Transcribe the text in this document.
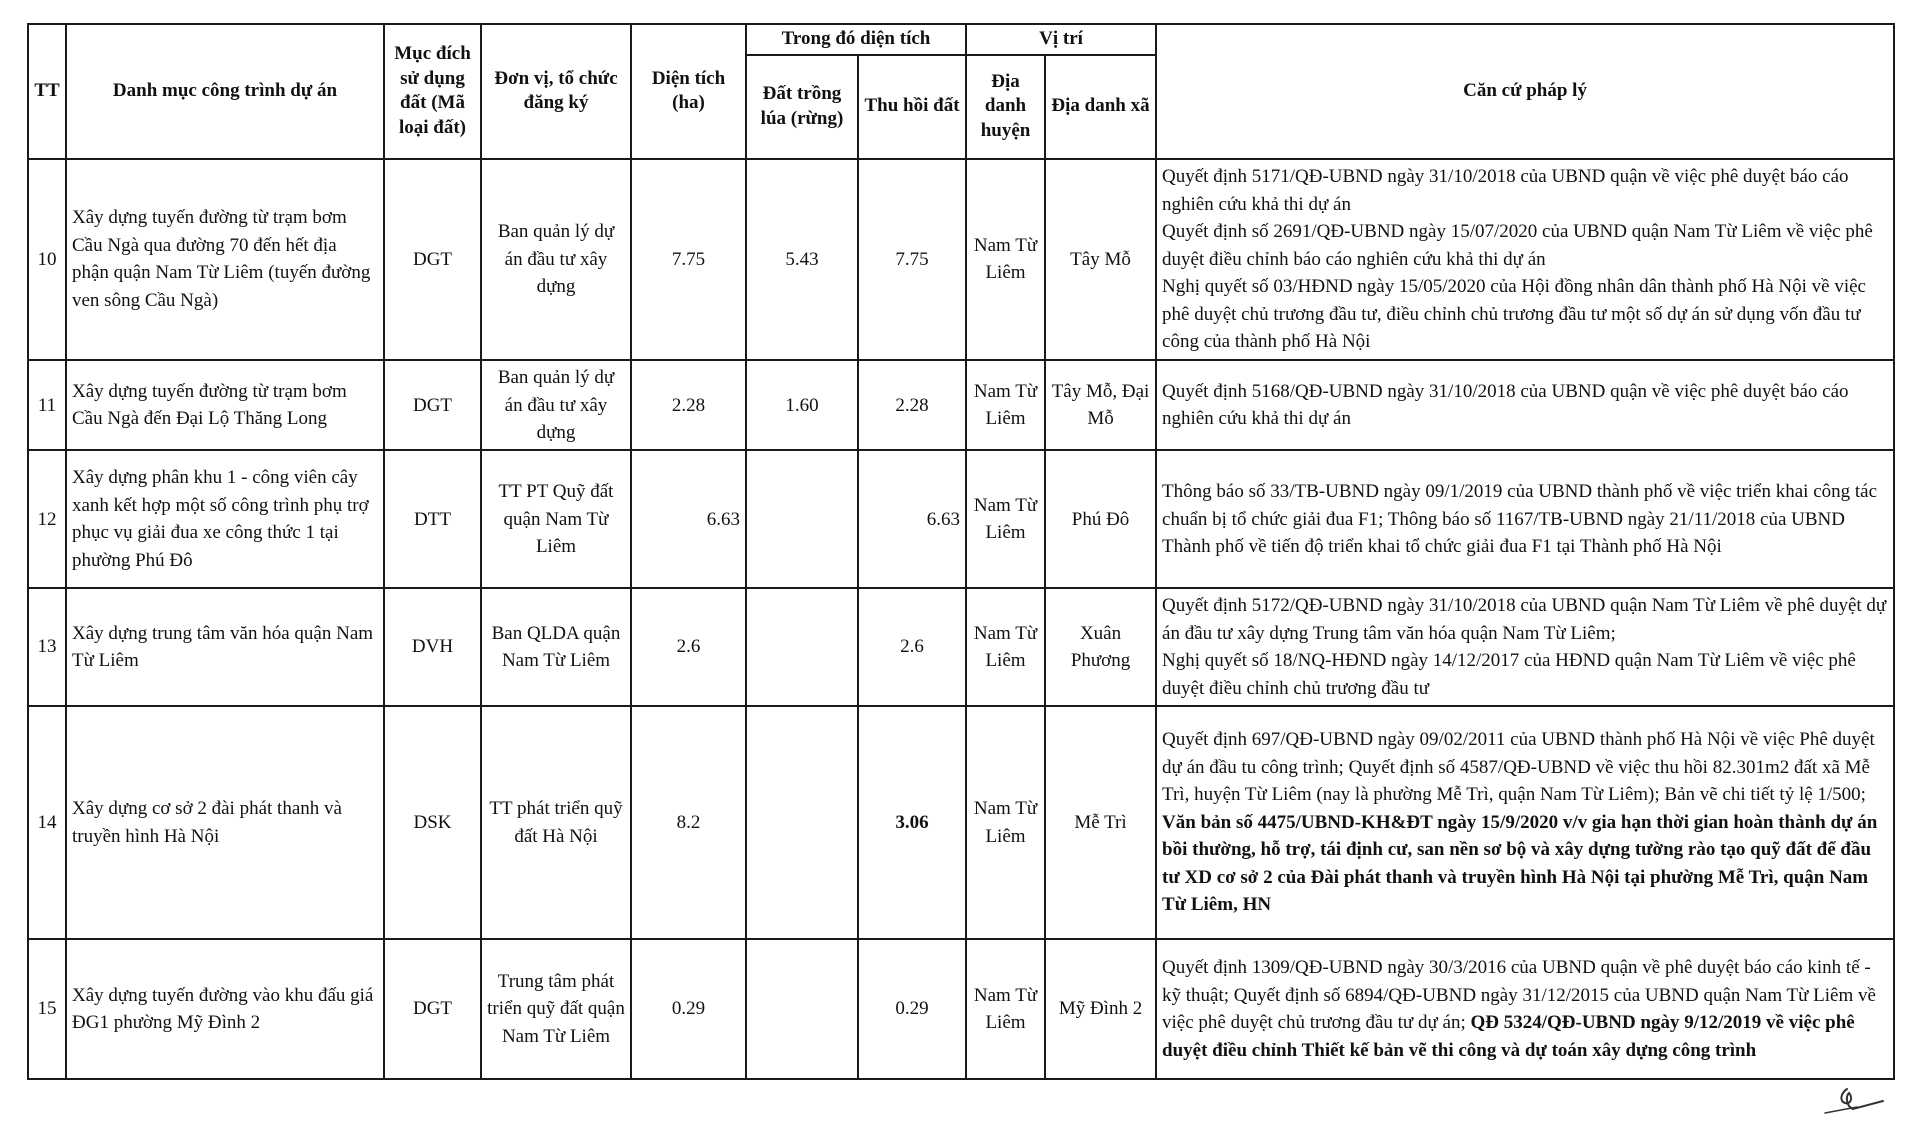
TT	Danh mục công trình dự án	Mục đích sử dụng đất (Mã loại đất)	Đơn vị, tổ chức đăng ký	Diện tích (ha)	Trong đó diện tích		Vị trí		Căn cứ pháp lý
					Đất trồng lúa (rừng)	Thu hồi đất	Địa danh huyện	Địa danh xã	
10	Xây dựng tuyến đường từ trạm bơm Cầu Ngà qua đường 70 đến hết địa phận quận Nam Từ Liêm (tuyến đường ven sông Cầu Ngà)	DGT	Ban quản lý dự án đầu tư xây dựng	7.75	5.43	7.75	Nam Từ Liêm	Tây Mỗ	Quyết định 5171/QĐ-UBND ngày 31/10/2018 của UBND quận về việc phê duyệt báo cáo nghiên cứu khả thi dự án
Quyết định số 2691/QĐ-UBND ngày 15/07/2020 của UBND quận Nam Từ Liêm về việc phê duyệt điều chỉnh báo cáo nghiên cứu khả thi dự án
Nghị quyết số 03/HĐND ngày 15/05/2020 của Hội đồng nhân dân thành phố Hà Nội về việc phê duyệt chủ trương đầu tư, điều chỉnh chủ trương đầu tư một số dự án sử dụng vốn đầu tư công của thành phố Hà Nội

11	Xây dựng tuyến đường từ trạm bơm Cầu Ngà đến Đại Lộ Thăng Long	DGT	Ban quản lý dự án đầu tư xây dựng	2.28	1.60	2.28	Nam Từ Liêm	Tây Mỗ, Đại Mỗ	Quyết định 5168/QĐ-UBND ngày 31/10/2018 của UBND quận về việc phê duyệt báo cáo nghiên cứu khả thi dự án

12	Xây dựng phân khu 1 - công viên cây xanh kết hợp một số công trình phụ trợ phục vụ giải đua xe công thức 1 tại phường Phú Đô	DTT	TT PT Quỹ đất quận Nam Từ Liêm	6.63		6.63	Nam Từ Liêm	Phú Đô	Thông báo số 33/TB-UBND ngày 09/1/2019 của UBND thành phố về việc triển khai công tác chuẩn bị tổ chức giải đua F1; Thông báo số 1167/TB-UBND ngày 21/11/2018 của UBND Thành phố về tiến độ triển khai tổ chức giải đua F1 tại Thành phố Hà Nội

13	Xây dựng trung tâm văn hóa quận Nam Từ Liêm	DVH	Ban QLDA quận Nam Từ Liêm	2.6		2.6	Nam Từ Liêm	Xuân Phương	Quyết định 5172/QĐ-UBND ngày 31/10/2018 của UBND quận Nam Từ Liêm về phê duyệt dự án đầu tư xây dựng Trung tâm văn hóa quận Nam Từ Liêm;
Nghị quyết số 18/NQ-HĐND ngày 14/12/2017 của HĐND quận Nam Từ Liêm về việc phê duyệt điều chỉnh chủ trương đầu tư

14	Xây dựng cơ sở 2 đài phát thanh và truyền hình Hà Nội	DSK	TT phát triển quỹ đất Hà Nội	8.2		3.06	Nam Từ Liêm	Mễ Trì	Quyết định 697/QĐ-UBND ngày 09/02/2011 của UBND thành phố Hà Nội về việc Phê duyệt dự án đầu tu công trình; Quyết định số 4587/QĐ-UBND về việc thu hồi 82.301m2 đất xã Mễ Trì, huyện Từ Liêm (nay là phường Mễ Trì, quận Nam Từ Liêm); Bản vẽ chi tiết tỷ lệ 1/500; Văn bản số 4475/UBND-KH&ĐT ngày 15/9/2020 v/v gia hạn thời gian hoàn thành dự án bồi thường, hỗ trợ, tái định cư, san nền sơ bộ và xây dựng tường rào tạo quỹ đất để đầu tư XD cơ sở 2 của Đài phát thanh và truyền hình Hà Nội tại phường Mễ Trì, quận Nam Từ Liêm, HN
15	Xây dựng tuyến đường vào khu đấu giá ĐG1 phường Mỹ Đình 2	DGT	Trung tâm phát triển quỹ đất quận Nam Từ Liêm	0.29		0.29	Nam Từ Liêm	Mỹ Đình 2	Quyết định 1309/QĐ-UBND ngày 30/3/2016 của UBND quận về phê duyệt báo cáo kinh tế - kỹ thuật; Quyết định số 6894/QĐ-UBND ngày 31/12/2015 của UBND quận Nam Từ Liêm về việc phê duyệt chủ trương đầu tư dự án; QĐ 5324/QĐ-UBND ngày 9/12/2019 về việc phê duyệt điều chỉnh Thiết kế bản vẽ thi công và dự toán xây dựng công trình
